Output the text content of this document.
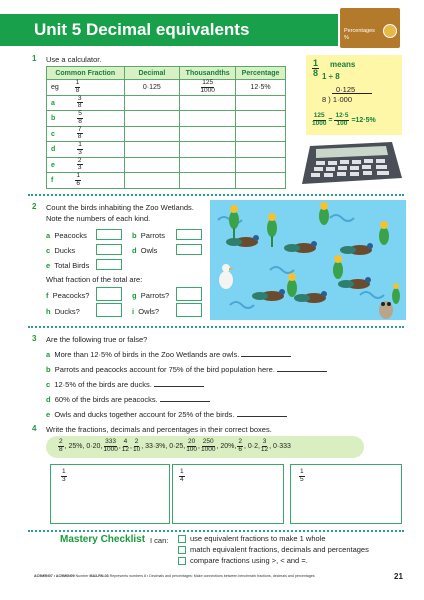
Unit 5 Decimal equivalents	Percentages %
1 Use a calculator.
Common Fraction	Decimal	Thousandths	Percentage
eg $\frac{1}{8}$	0·125	$\frac{125}{1000}$	12·5%
a $\frac{3}{8}$

b $\frac{5}{8}$

c $\frac{7}{8}$

d $\frac{1}{3}$

e $\frac{2}{3}$

f $\frac{1}{6}$

$\frac{1}{8}$ means
1 ÷ 8
0·125
8 ) 1·000
$\frac{125}{1000} = \frac{12\cdot 5}{100} =12\cdot 5\%$
2 Count the birds inhabiting the Zoo Wetlands.
Note the numbers of each kind.
a Peacocks	b Parrots
c Ducks	d Owls
e Total Birds
What fraction of the total are:
f Peacocks?	g Parrots?
h Ducks?	i Owls?
3 Are the following true or false?
a More than 12·5% of birds in the Zoo Wetlands are owls.
b Parrots and peacocks account for 75% of the bird population here.
c 12·5% of the birds are ducks.
d 60% of the birds are peacocks.
e Owls and ducks together account for 25% of the birds.
4 Write the fractions, decimals and percentages in their correct boxes.
$\frac{2}{8}$ , 25%, 0·20, $\frac{333}{1000}$ , $\frac{4}{12}$ , $\frac{2}{10}$ , 33·3%, 0·25, $\frac{20}{100}$ , $\frac{250}{1000}$ , 20%, $\frac{2}{6}$ , 0·2, $\frac{3}{12}$ , 0·333
$\frac{1}{3}$	$\frac{1}{4}$	$\frac{1}{5}$
Mastery Checklist I can:	use equivalent fractions to make 1 whole
match equivalent fractions, decimals and percentages
compare fractions using >, < and =.
AC9M5N07 • AC9M6N09 Number MA3-RN-03 Represents numbers 8 • Decimals and percentages: Make connections between benchmark fractions, decimals and percentages	21
